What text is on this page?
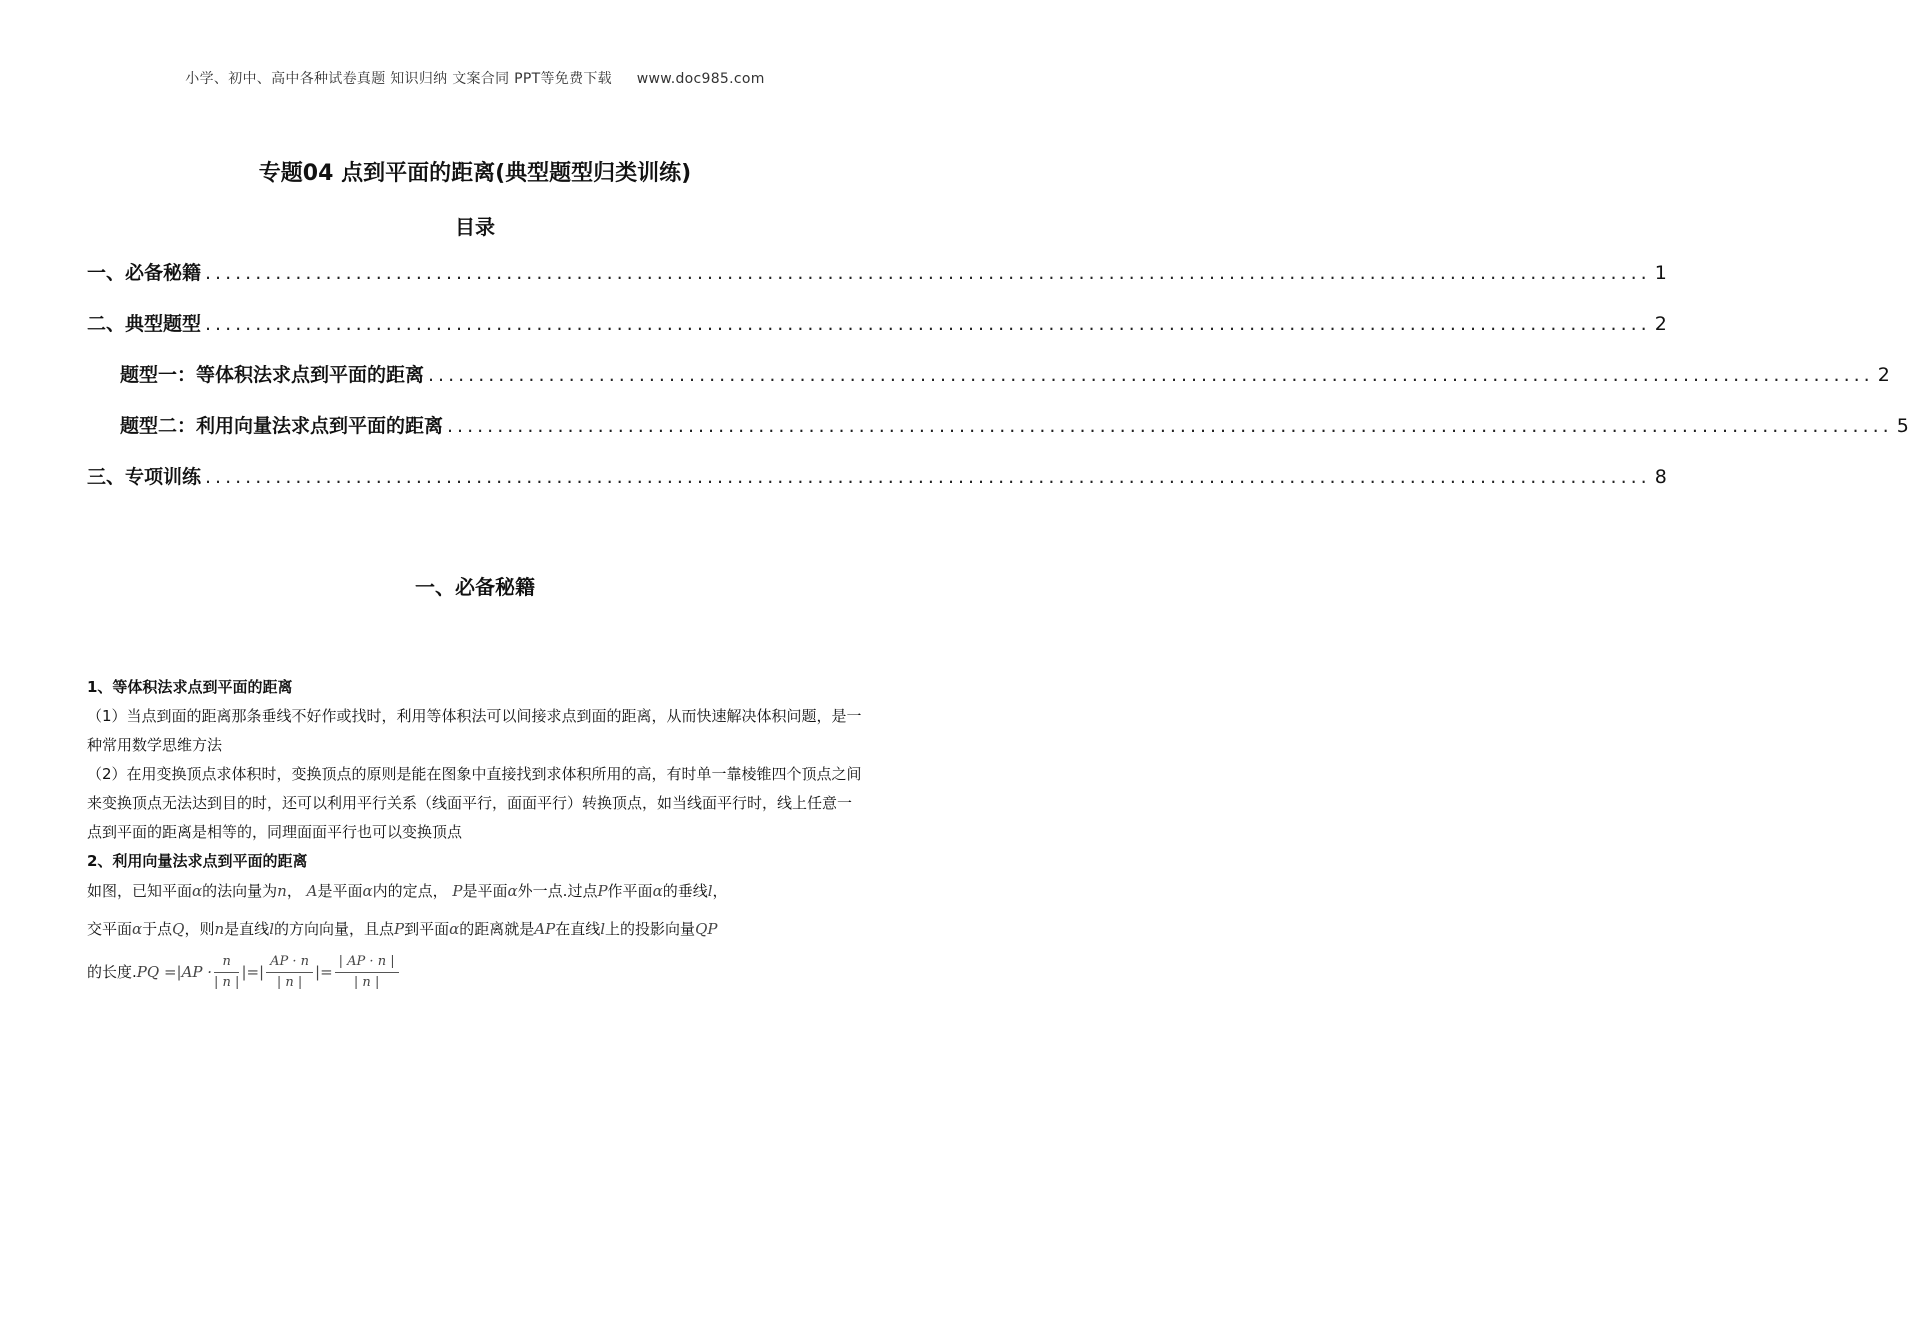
小学、初中、高中各种试卷真题 知识归纳 文案合同 PPT等免费下载 www.doc985.com
专题04 点到平面的距离(典型题型归类训练)
目录
一、必备秘籍 ................................................................................................................................................ 1
二、典型题型 ................................................................................................................................................ 2
题型一：等体积法求点到平面的距离 ................................................................................................................................................ 2
题型二：利用向量法求点到平面的距离 ................................................................................................................................................ 5
三、专项训练 ................................................................................................................................................ 8
一、必备秘籍
1、等体积法求点到平面的距离
（1）当点到面的距离那条垂线不好作或找时，利用等体积法可以间接求点到面的距离，从而快速解决体积问题，是一种常用数学思维方法
（2）在用变换顶点求体积时，变换顶点的原则是能在图象中直接找到求体积所用的高，有时单一靠棱锥四个顶点之间来变换顶点无法达到目的时，还可以利用平行关系（线面平行，面面平行）转换顶点，如当线面平行时，线上任意一点到平面的距离是相等的，同理面面平行也可以变换顶点
2、利用向量法求点到平面的距离
如图，已知平面α的法向量为n， A是平面α内的定点， P是平面α外一点.过点P作平面α的垂线l，
交平面α于点Q，则n是直线l的方向向量，且点P到平面α的距离就是AP在直线l上的投影向量QP
的长度$.PQ =|AP \cdot \frac{n}{| n |}$ |=| $\frac{AP \cdot n}{| n |}$ |= $\frac{| AP \cdot n |}{| n |}$
